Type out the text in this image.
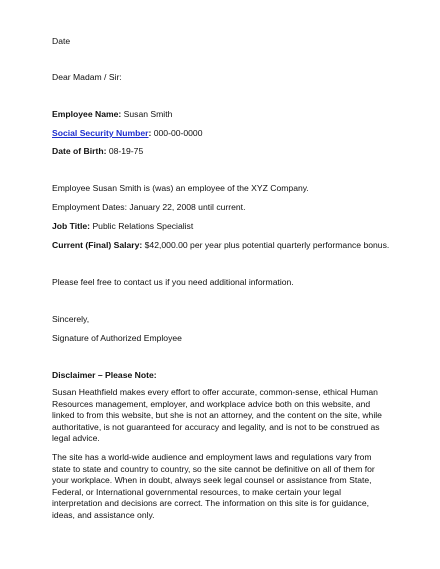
Date
Dear Madam / Sir:
Employee Name: Susan Smith
Social Security Number: 000-00-0000
Date of Birth: 08-19-75
Employee Susan Smith is (was) an employee of the XYZ Company.
Employment Dates: January 22, 2008 until current.
Job Title: Public Relations Specialist
Current (Final) Salary: $42,000.00 per year plus potential quarterly performance bonus.
Please feel free to contact us if you need additional information.
Sincerely,
Signature of Authorized Employee
Disclaimer – Please Note:
Susan Heathfield makes every effort to offer accurate, common-sense, ethical Human Resources management, employer, and workplace advice both on this website, and linked to from this website, but she is not an attorney, and the content on the site, while authoritative, is not guaranteed for accuracy and legality, and is not to be construed as legal advice.
The site has a world-wide audience and employment laws and regulations vary from state to state and country to country, so the site cannot be definitive on all of them for your workplace. When in doubt, always seek legal counsel or assistance from State, Federal, or International governmental resources, to make certain your legal interpretation and decisions are correct. The information on this site is for guidance, ideas, and assistance only.
